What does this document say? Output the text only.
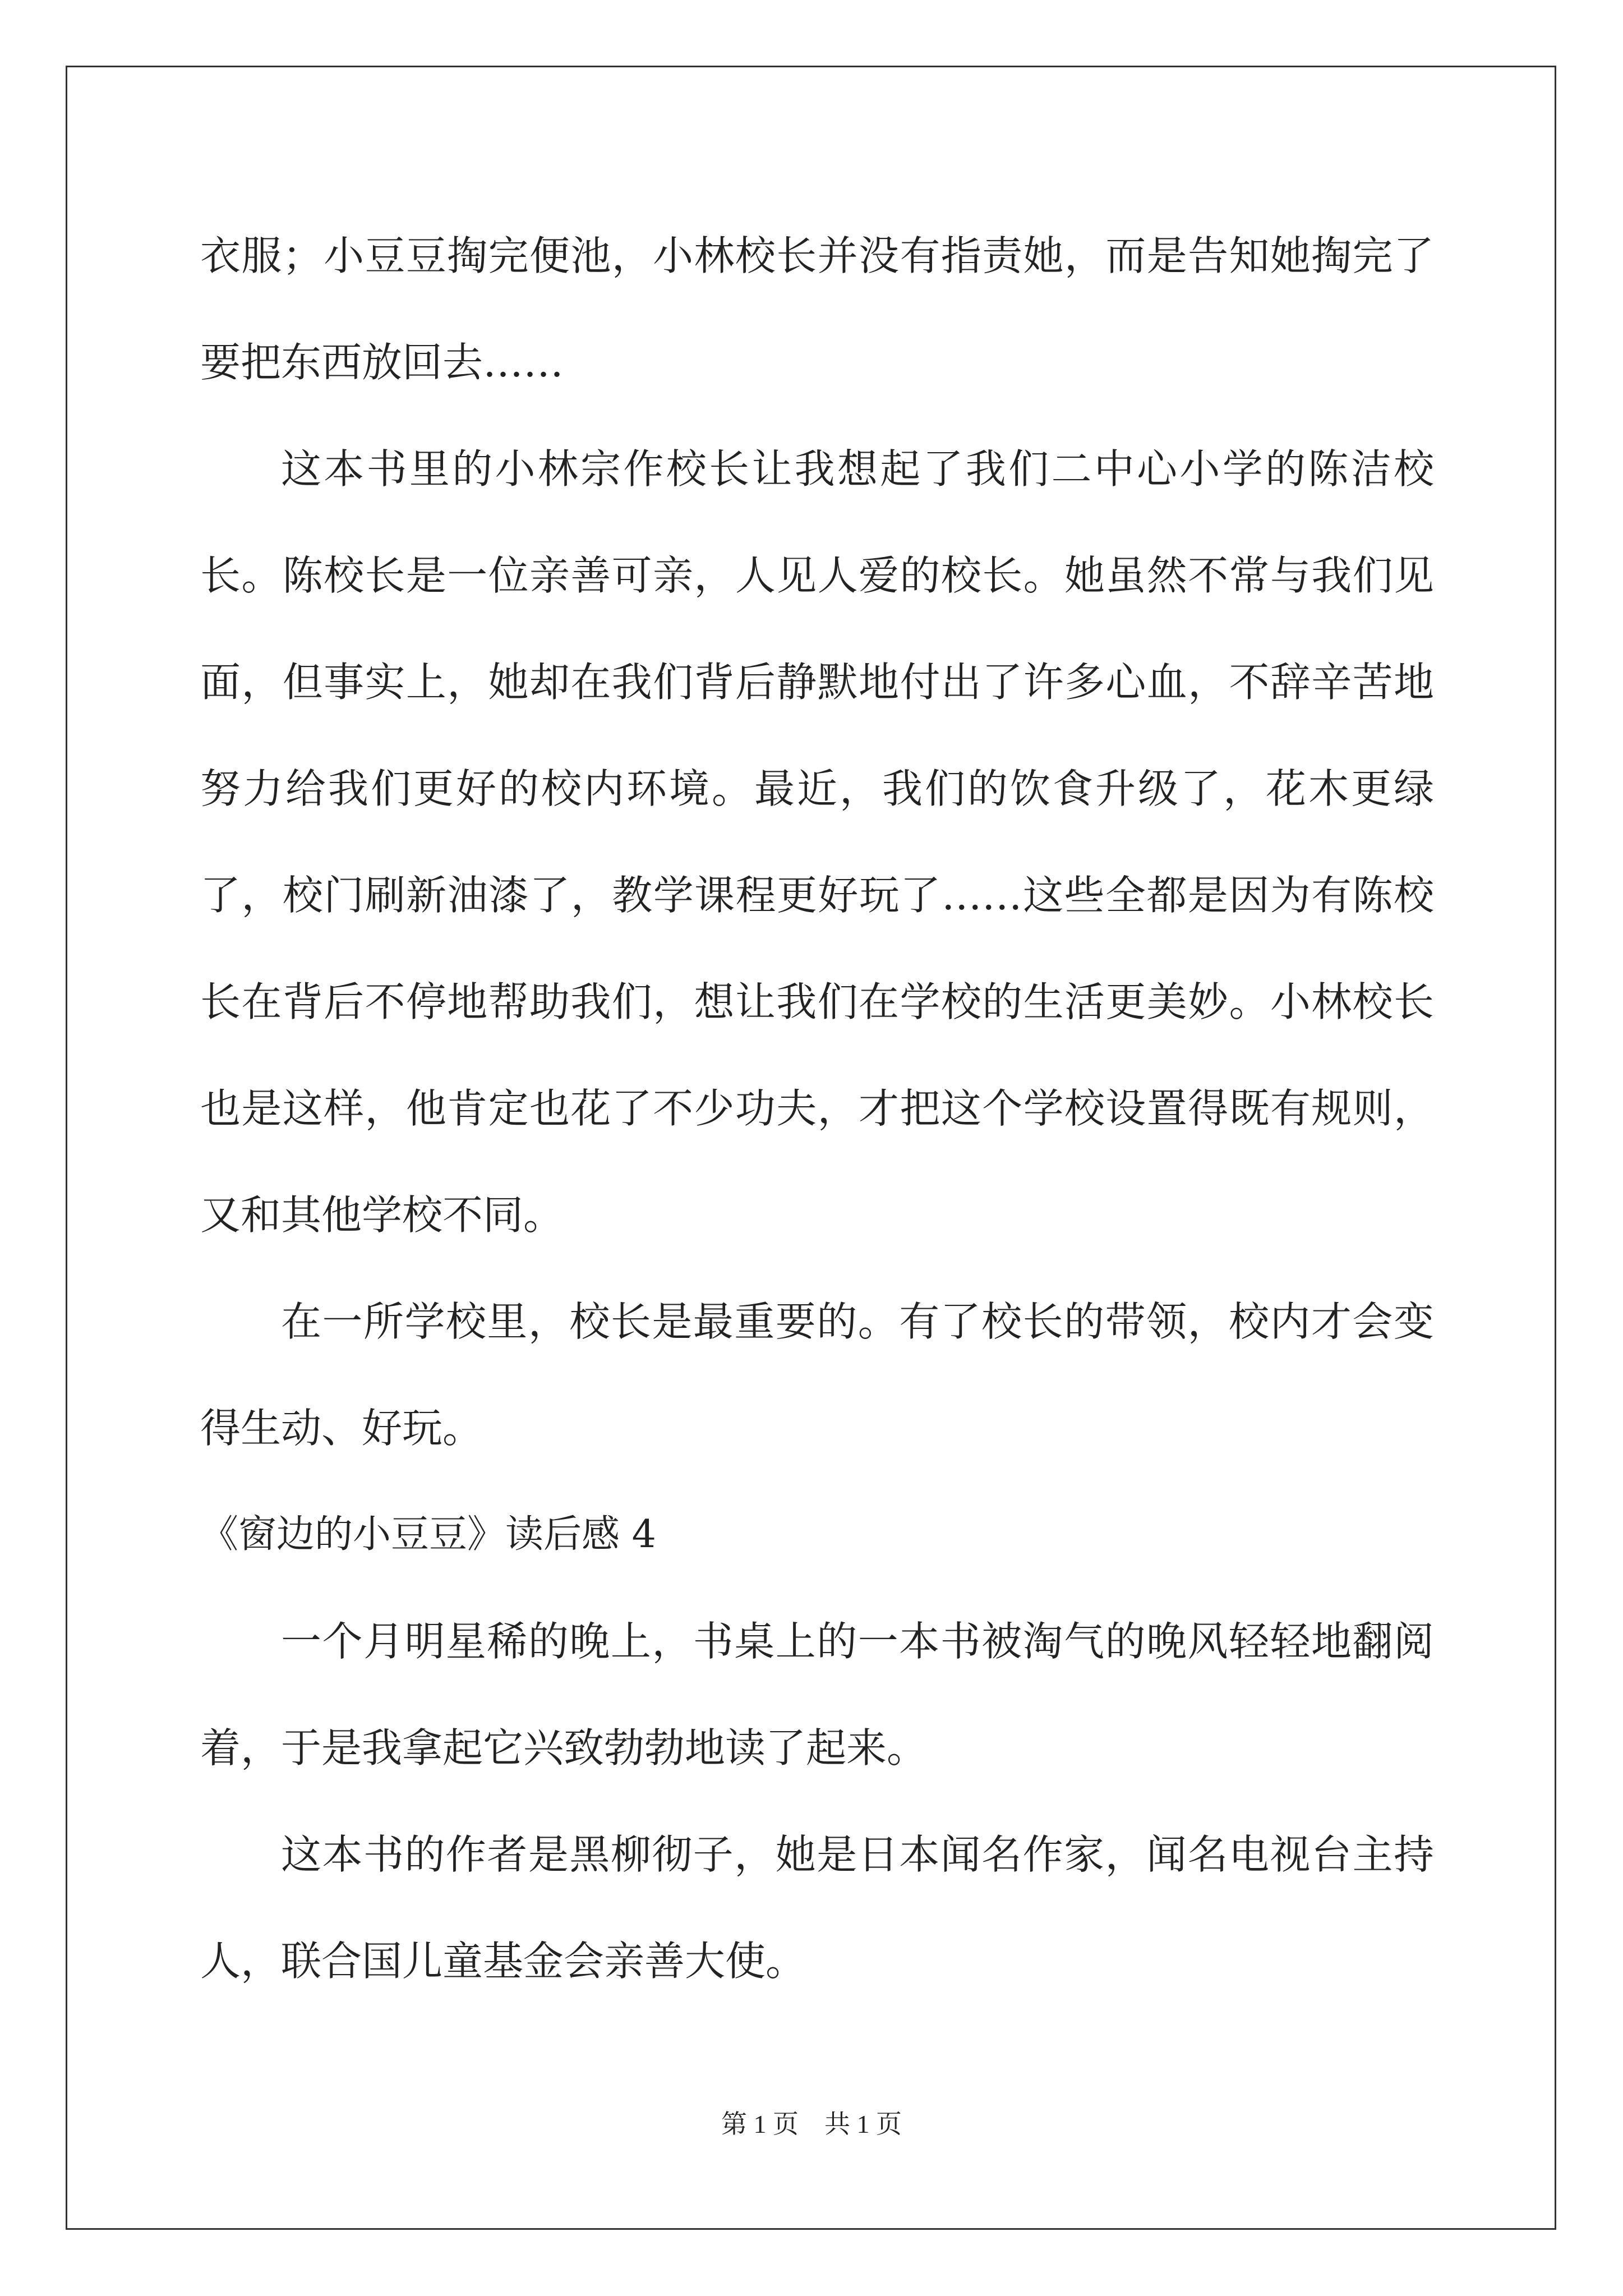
衣服；小豆豆掏完便池，小林校长并没有指责她，而是告知她掏完了要把东西放回去……

这本书里的小林宗作校长让我想起了我们二中心小学的陈洁校长。陈校长是一位亲善可亲，人见人爱的校长。她虽然不常与我们见面，但事实上，她却在我们背后静默地付出了许多心血，不辞辛苦地努力给我们更好的校内环境。最近，我们的饮食升级了，花木更绿了，校门刷新油漆了，教学课程更好玩了……这些全都是因为有陈校长在背后不停地帮助我们，想让我们在学校的生活更美妙。小林校长也是这样，他肯定也花了不少功夫，才把这个学校设置得既有规则，又和其他学校不同。

在一所学校里，校长是最重要的。有了校长的带领，校内才会变得生动、好玩。

《窗边的小豆豆》读后感 4

一个月明星稀的晚上，书桌上的一本书被淘气的晚风轻轻地翻阅着，于是我拿起它兴致勃勃地读了起来。

这本书的作者是黑柳彻子，她是日本闻名作家，闻名电视台主持人，联合国儿童基金会亲善大使。

第 1 页 共 1 页
